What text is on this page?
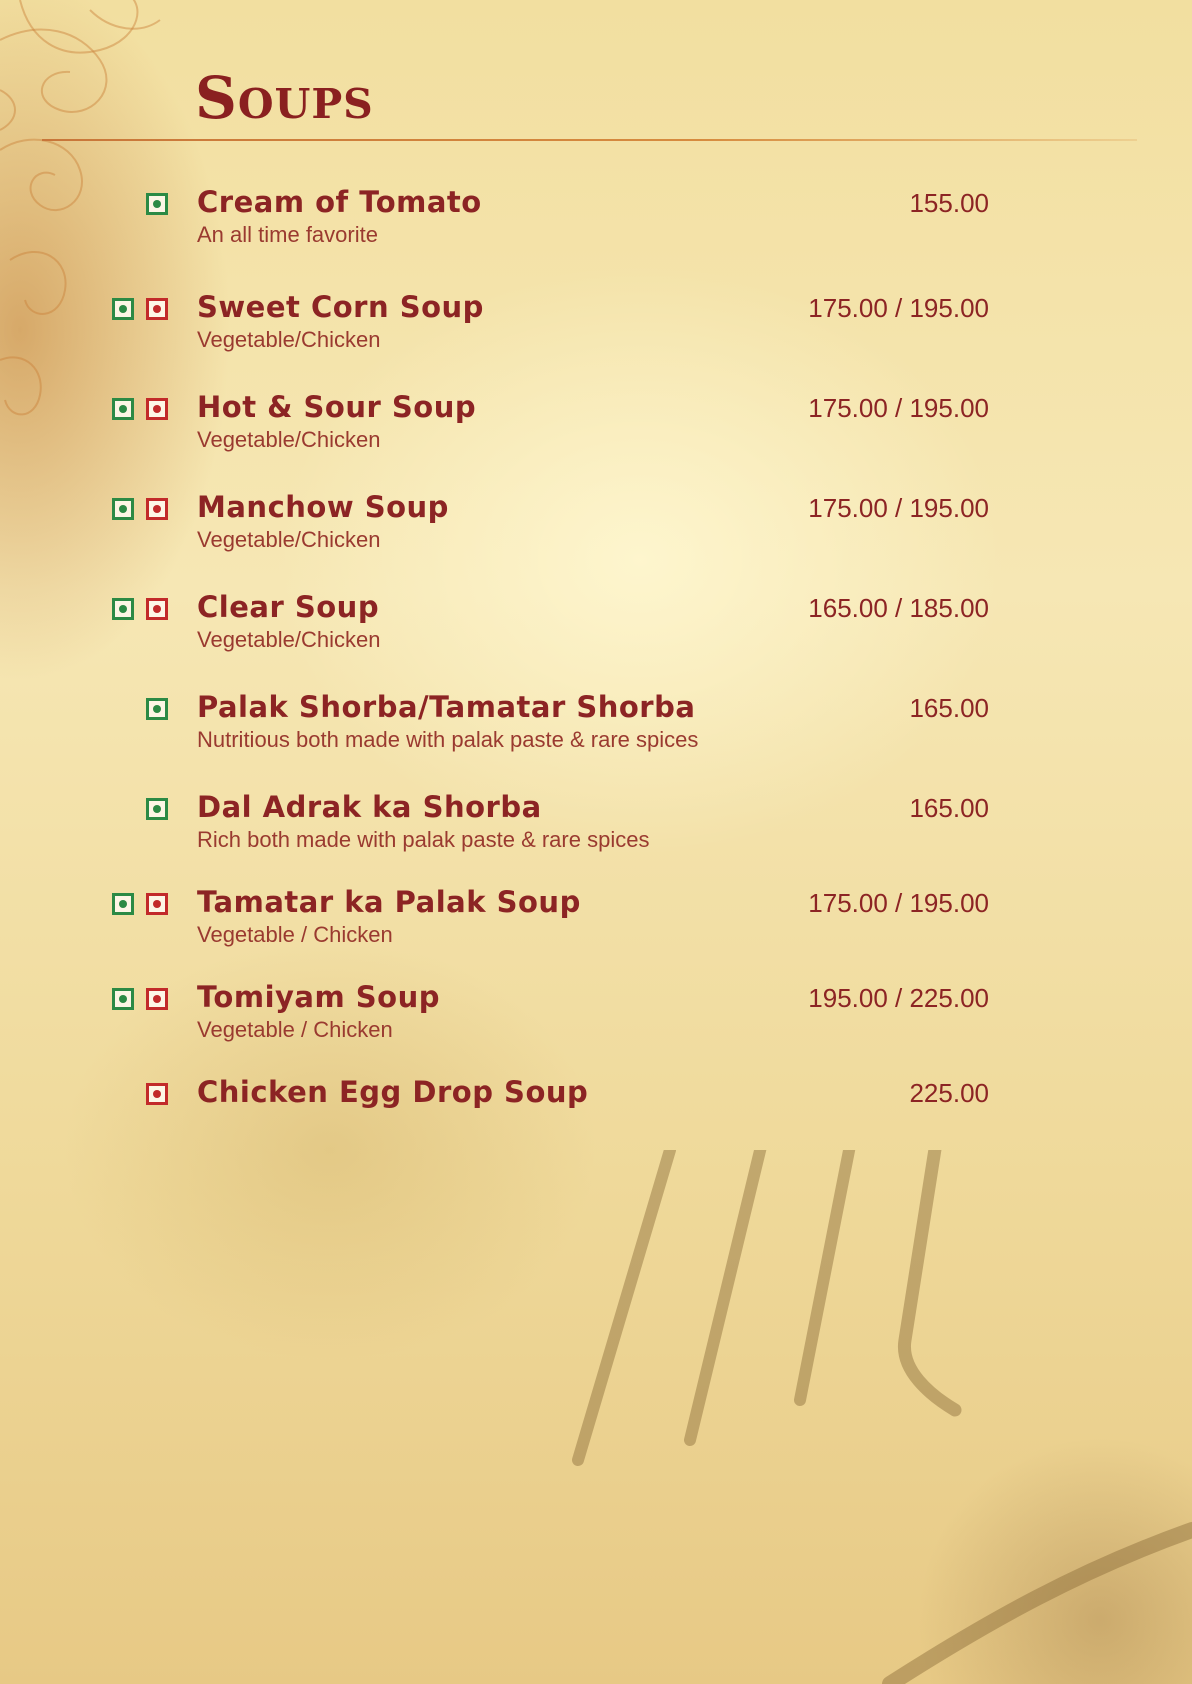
Soups

Cream of Tomato

An all time favorite

155.00

Sweet Corn Soup

Vegetable/Chicken

175.00 / 195.00

Hot & Sour Soup

Vegetable/Chicken

175.00 / 195.00

Manchow Soup

Vegetable/Chicken

175.00 / 195.00

Clear Soup

Vegetable/Chicken

165.00 / 185.00

Palak Shorba/Tamatar Shorba

Nutritious both made with palak paste & rare spices

165.00

Dal Adrak ka Shorba

Rich both made with palak paste & rare spices

165.00

Tamatar ka Palak Soup

Vegetable / Chicken

175.00 / 195.00

Tomiyam Soup

Vegetable / Chicken

195.00 / 225.00

Chicken Egg Drop Soup	225.00
